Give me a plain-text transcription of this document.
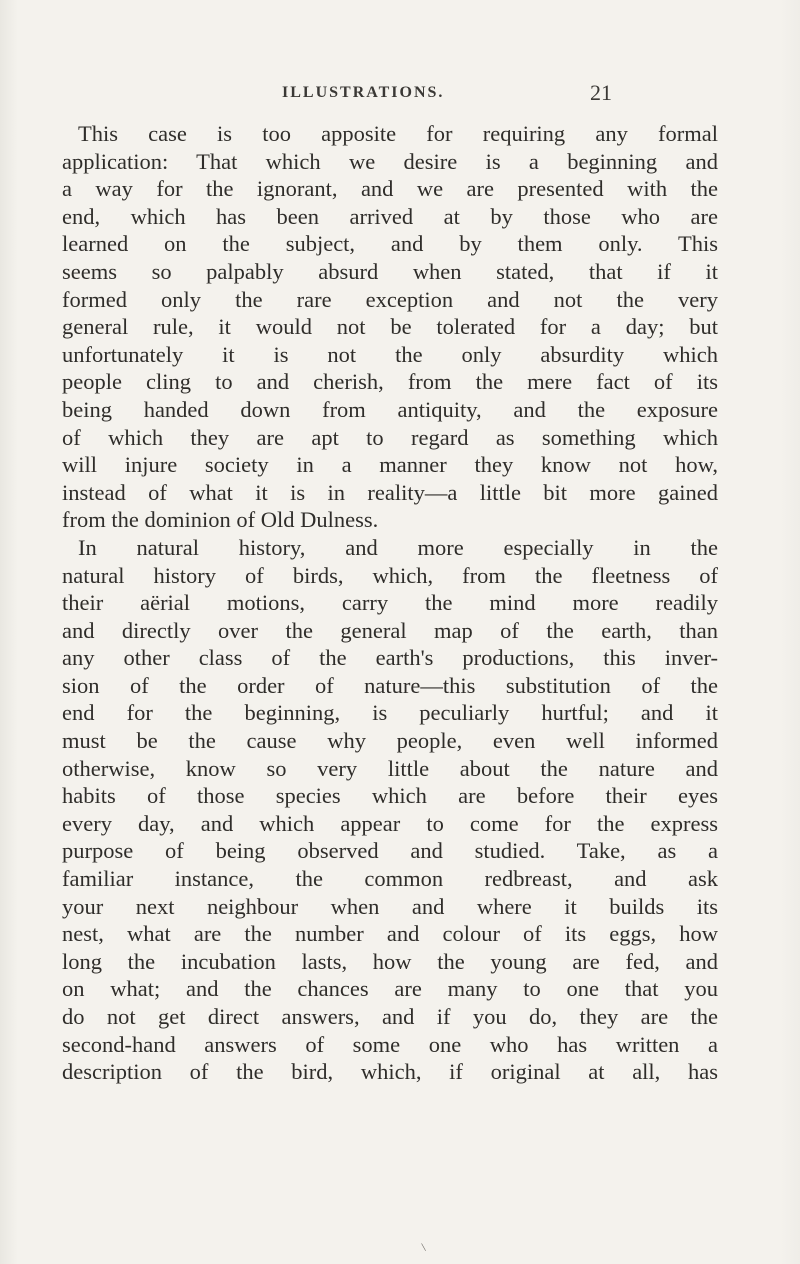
ILLUSTRATIONS.	21
This case is too apposite for requiring any formal
application: That which we desire is a beginning and
a way for the ignorant, and we are presented with the
end, which has been arrived at by those who are
learned on the subject, and by them only. This
seems so palpably absurd when stated, that if it
formed only the rare exception and not the very
general rule, it would not be tolerated for a day; but
unfortunately it is not the only absurdity which
people cling to and cherish, from the mere fact of its
being handed down from antiquity, and the exposure
of which they are apt to regard as something which
will injure society in a manner they know not how,
instead of what it is in reality—a little bit more gained
from the dominion of Old Dulness.
In natural history, and more especially in the
natural history of birds, which, from the fleetness of
their aërial motions, carry the mind more readily
and directly over the general map of the earth, than
any other class of the earth's productions, this inver-
sion of the order of nature—this substitution of the
end for the beginning, is peculiarly hurtful; and it
must be the cause why people, even well informed
otherwise, know so very little about the nature and
habits of those species which are before their eyes
every day, and which appear to come for the express
purpose of being observed and studied. Take, as a
familiar instance, the common redbreast, and ask
your next neighbour when and where it builds its
nest, what are the number and colour of its eggs, how
long the incubation lasts, how the young are fed, and
on what; and the chances are many to one that you
do not get direct answers, and if you do, they are the
second-hand answers of some one who has written a
description of the bird, which, if original at all, has
\
